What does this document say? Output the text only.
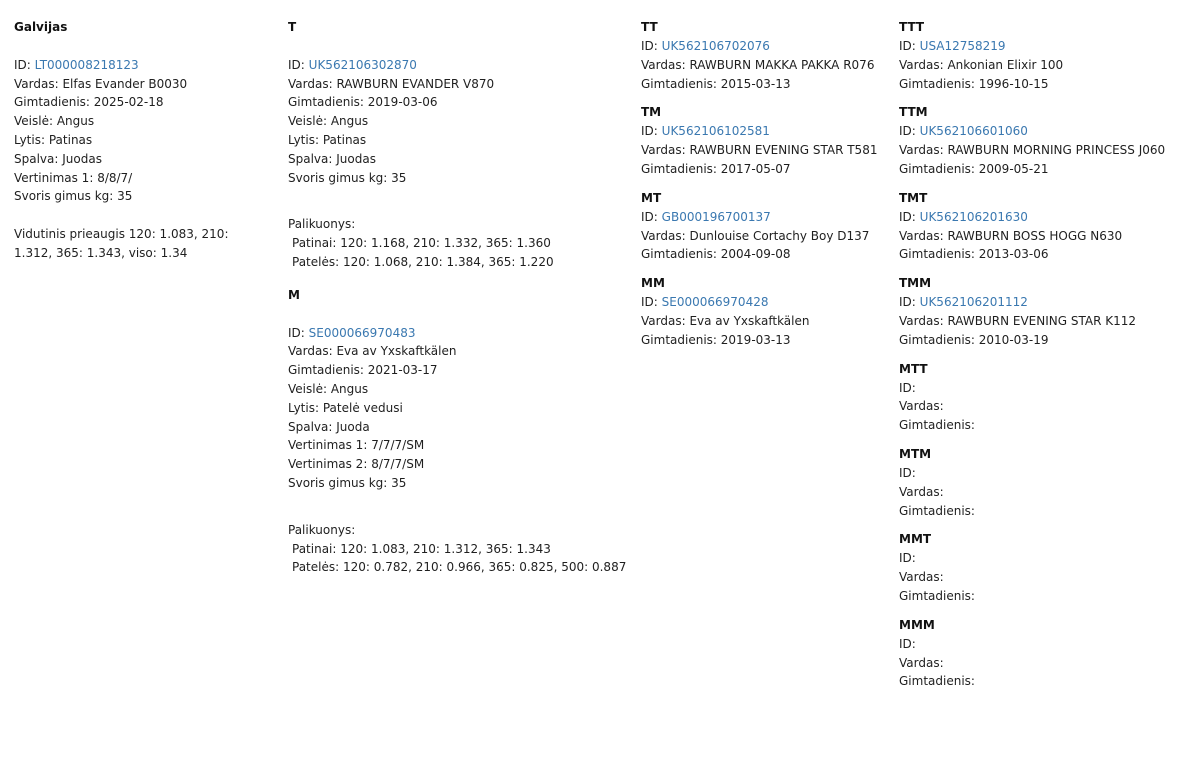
Galvijas
ID: LT000008218123
Vardas: Elfas Evander B0030
Gimtadienis: 2025-02-18
Veislė: Angus
Lytis: Patinas
Spalva: Juodas
Vertinimas 1: 8/8/7/
Svoris gimus kg: 35
Vidutinis prieaugis 120: 1.083, 210: 1.312, 365: 1.343, viso: 1.34
T
ID: UK562106302870
Vardas: RAWBURN EVANDER V870
Gimtadienis: 2019-03-06
Veislė: Angus
Lytis: Patinas
Spalva: Juodas
Svoris gimus kg: 35
Palikuonys:
Patinai: 120: 1.168, 210: 1.332, 365: 1.360
Patelės: 120: 1.068, 210: 1.384, 365: 1.220
M
ID: SE000066970483
Vardas: Eva av Yxskaftkälen
Gimtadienis: 2021-03-17
Veislė: Angus
Lytis: Patelė vedusi
Spalva: Juoda
Vertinimas 1: 7/7/7/SM
Vertinimas 2: 8/7/7/SM
Svoris gimus kg: 35
Palikuonys:
Patinai: 120: 1.083, 210: 1.312, 365: 1.343
Patelės: 120: 0.782, 210: 0.966, 365: 0.825, 500: 0.887
TT
ID: UK562106702076
Vardas: RAWBURN MAKKA PAKKA R076
Gimtadienis: 2015-03-13
TM
ID: UK562106102581
Vardas: RAWBURN EVENING STAR T581
Gimtadienis: 2017-05-07
MT
ID: GB000196700137
Vardas: Dunlouise Cortachy Boy D137
Gimtadienis: 2004-09-08
MM
ID: SE000066970428
Vardas: Eva av Yxskaftkälen
Gimtadienis: 2019-03-13
TTT
ID: USA12758219
Vardas: Ankonian Elixir 100
Gimtadienis: 1996-10-15
TTM
ID: UK562106601060
Vardas: RAWBURN MORNING PRINCESS J060
Gimtadienis: 2009-05-21
TMT
ID: UK562106201630
Vardas: RAWBURN BOSS HOGG N630
Gimtadienis: 2013-03-06
TMM
ID: UK562106201112
Vardas: RAWBURN EVENING STAR K112
Gimtadienis: 2010-03-19
MTT
ID:
Vardas:
Gimtadienis:
MTM
ID:
Vardas:
Gimtadienis:
MMT
ID:
Vardas:
Gimtadienis:
MMM
ID:
Vardas:
Gimtadienis:
